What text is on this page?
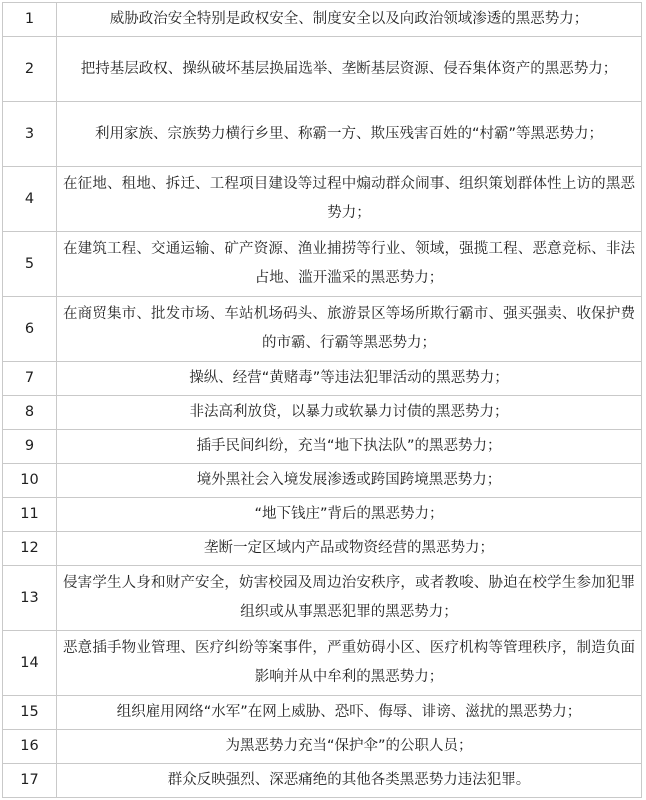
1	威胁政治安全特别是政权安全、制度安全以及向政治领域渗透的黑恶势力；
2	把持基层政权、操纵破坏基层换届选举、垄断基层资源、侵吞集体资产的黑恶势力；
3	利用家族、宗族势力横行乡里、称霸一方、欺压残害百姓的“村霸”等黑恶势力；
4	在征地、租地、拆迁、工程项目建设等过程中煽动群众闹事、组织策划群体性上访的黑恶势力；
5	在建筑工程、交通运输、矿产资源、渔业捕捞等行业、领域，强揽工程、恶意竞标、非法占地、滥开滥采的黑恶势力；
6	在商贸集市、批发市场、车站机场码头、旅游景区等场所欺行霸市、强买强卖、收保护费的市霸、行霸等黑恶势力；
7	操纵、经营“黄赌毒”等违法犯罪活动的黑恶势力；
8	非法高利放贷，以暴力或软暴力讨债的黑恶势力；
9	插手民间纠纷，充当“地下执法队”的黑恶势力；
10	境外黑社会入境发展渗透或跨国跨境黑恶势力；
11	“地下钱庄”背后的黑恶势力；
12	垄断一定区域内产品或物资经营的黑恶势力；
13	侵害学生人身和财产安全，妨害校园及周边治安秩序，或者教唆、胁迫在校学生参加犯罪组织或从事黑恶犯罪的黑恶势力；
14	恶意插手物业管理、医疗纠纷等案事件，严重妨碍小区、医疗机构等管理秩序，制造负面影响并从中牟利的黑恶势力；
15	组织雇用网络“水军”在网上威胁、恐吓、侮辱、诽谤、滋扰的黑恶势力；
16	为黑恶势力充当“保护伞”的公职人员；
17	群众反映强烈、深恶痛绝的其他各类黑恶势力违法犯罪。
